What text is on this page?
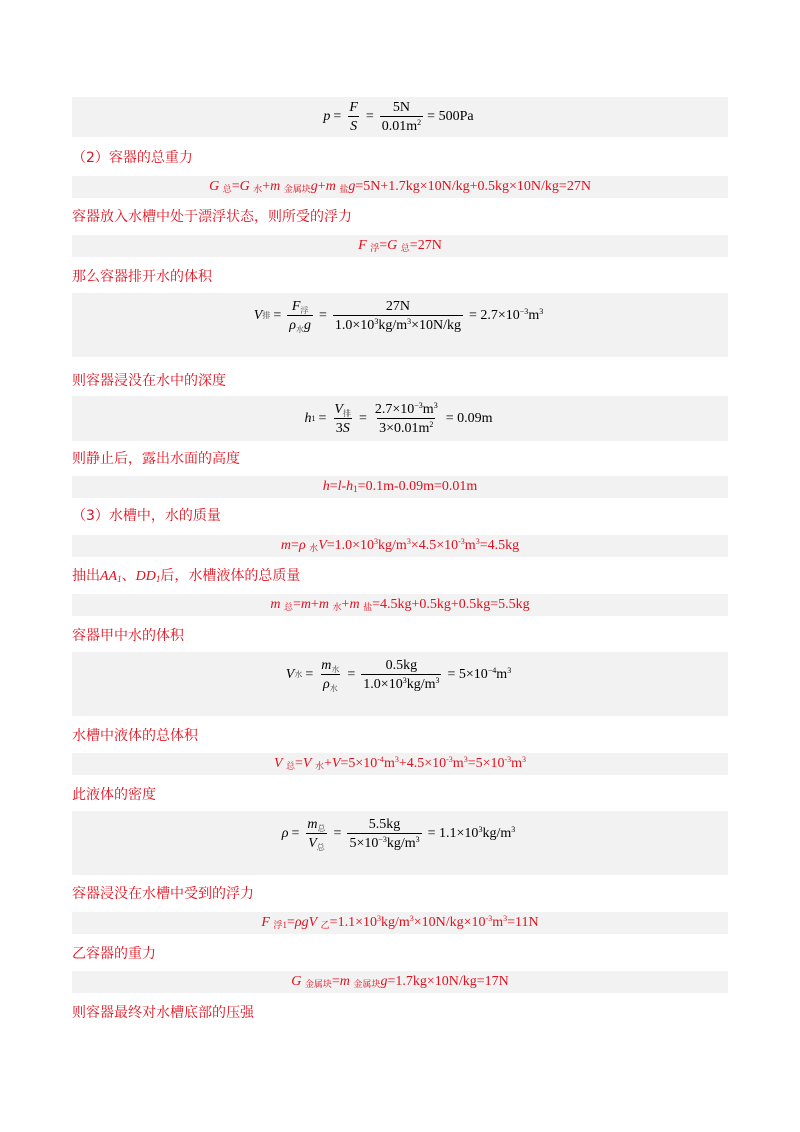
$p = \frac{F}{S} = \frac{5N}{0.01m^2} = 500Pa$
（2）容器的总重力
G $_总$=G $_水$+m $_{金属块}$g+m $_盐$g=5N+1.7kg×10N/kg+0.5kg×10N/kg=27N
容器放入水槽中处于漂浮状态，则所受的浮力
F $_浮$=G $_总$=27N
那么容器排开水的体积
V 排 = $\frac{F_浮}{\rho_水g} = \frac{27N}{1.0\times 10^3kg/m^3\times 10N/kg} = 2.7\times 10^{-3}m^3$
则容器浸没在水中的深度
h $1 = \frac{V_排}{3S} = \frac{2.7\times 10^{-3}m^3}{3\times 0.01m^2} = 0.09m$
则静止后，露出水面的高度
$h=l-h_1=0.1m-0.09m=0.01m$
（3）水槽中，水的质量
m=ρ $_水V=1.0\times 10^3kg/m^3\times 4.5\times 10^{-3}m^3=4.5kg$
抽出$AA_1$、$DD_1$后，水槽液体的总质量
m $_总$=m+m $_水$+m $_盐$=4.5kg+0.5kg+0.5kg=5.5kg
容器甲中水的体积
V 水 = $\frac{m_水}{\rho_水} = \frac{0.5kg}{1.0\times 10^3kg/m^3} = 5\times 10^{-4}m^3$
水槽中液体的总体积
V $_总$=V $_水+V=5\times 10^{-4}m^3+4.5\times 10^{-3}m^3=5\times 10^{-3}m^3$
此液体的密度
$\rho = \frac{m_总}{V_总} = \frac{5.5kg}{5\times 10^{-3}kg/m^3} = 1.1\times 10^3kg/m^3$
容器浸没在水槽中受到的浮力
F $_{浮1}$=ρgV $_乙=1.1\times 10^3kg/m^3\times 10N/kg\times 10^{-3}m^3=11N$
乙容器的重力
G $_{金属块}$=m $_{金属块}$g=1.7kg×10N/kg=17N
则容器最终对水槽底部的压强
